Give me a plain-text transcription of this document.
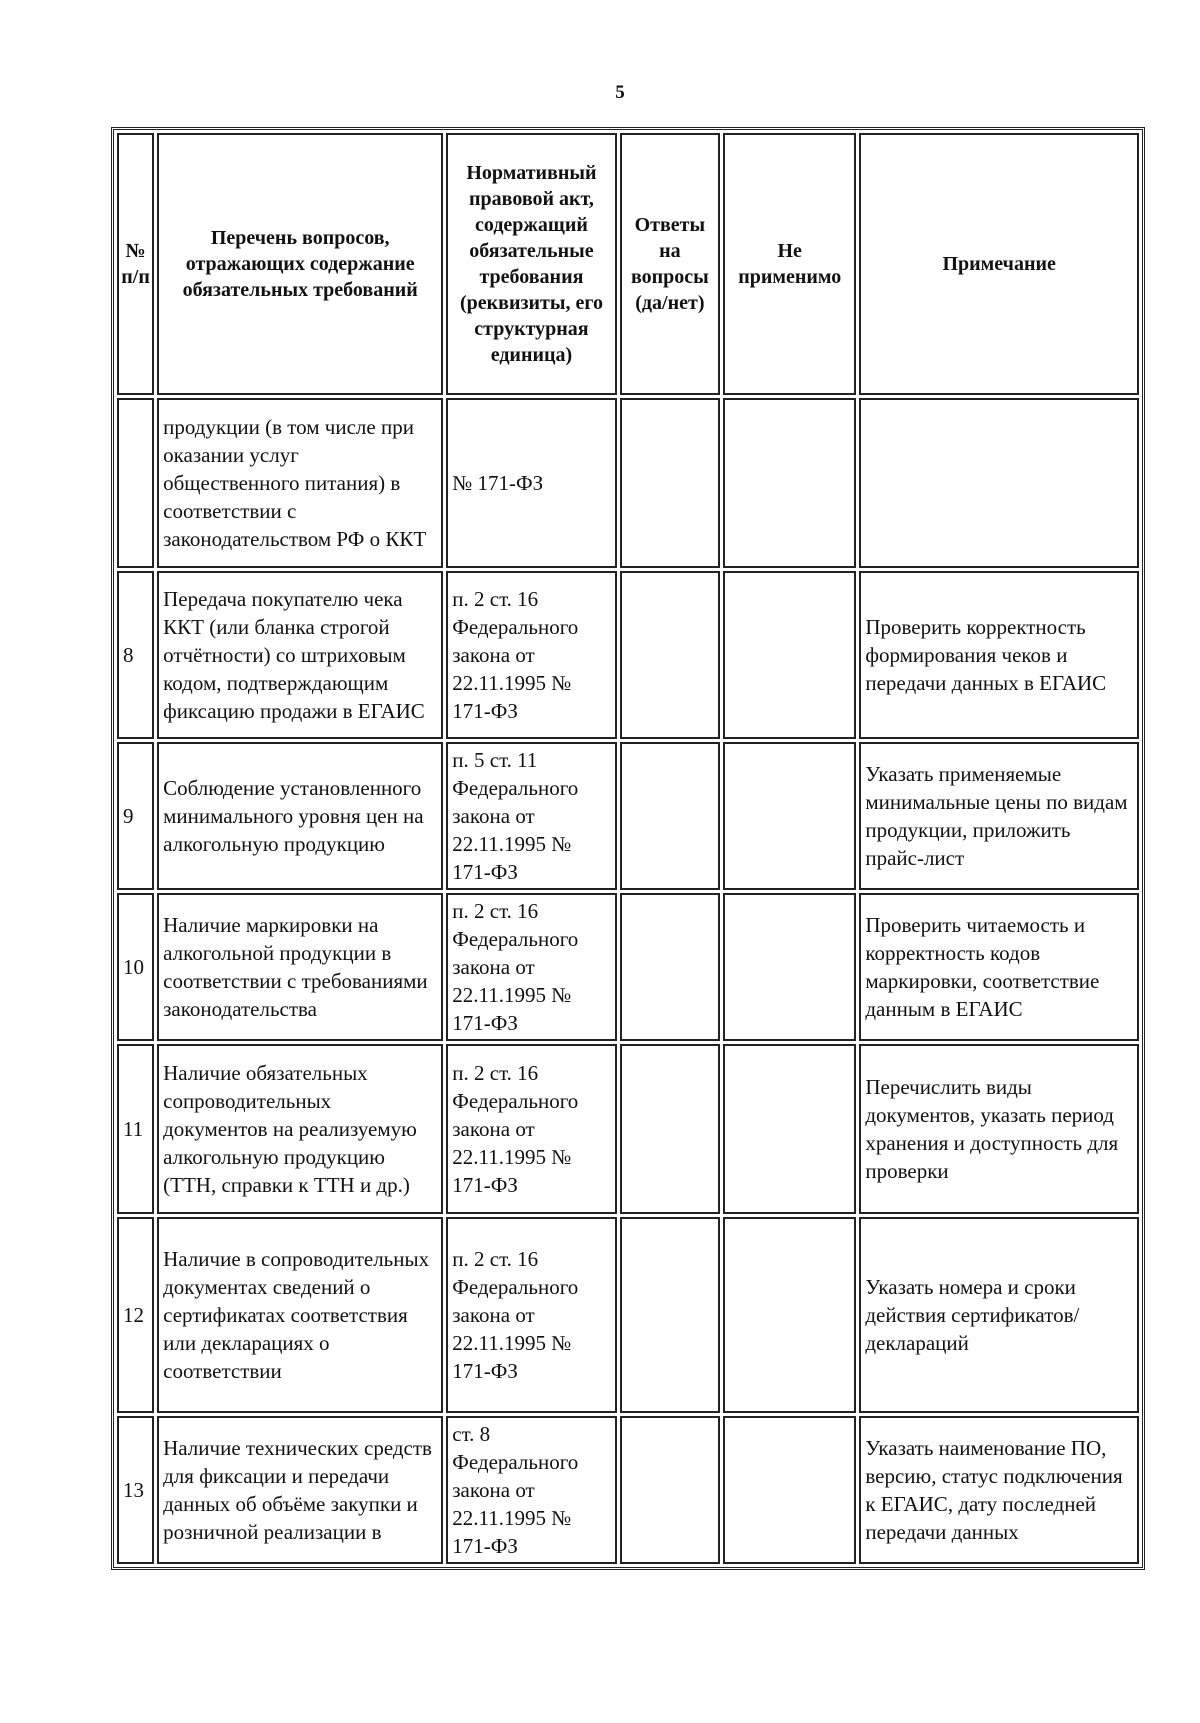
5
№ п/п	Перечень вопросов, отражающих содержание обязательных требований	Нормативный правовой акт, содержащий обязательные требования (реквизиты, его структурная единица)	Ответы на вопросы (да/нет)	Не применимо	Примечание
	продукции (в том числе при оказании услуг общественного питания) в соответствии с законодательством РФ о ККТ	№ 171-ФЗ			
8	Передача покупателю чека ККТ (или бланка строгой отчётности) со штриховым кодом, подтверждающим фиксацию продажи в ЕГАИС	п. 2 ст. 16 Федерального закона от 22.11.1995 № 171-ФЗ			Проверить корректность формирования чеков и передачи данных в ЕГАИС
9	Соблюдение установленного минимального уровня цен на алкогольную продукцию	п. 5 ст. 11 Федерального закона от 22.11.1995 № 171-ФЗ			Указать применяемые минимальные цены по видам продукции, приложить прайс-лист
10	Наличие маркировки на алкогольной продукции в соответствии с требованиями законодательства	п. 2 ст. 16 Федерального закона от 22.11.1995 № 171-ФЗ			Проверить читаемость и корректность кодов маркировки, соответствие данным в ЕГАИС
11	Наличие обязательных сопроводительных документов на реализуемую алкогольную продукцию (ТТН, справки к ТТН и др.)	п. 2 ст. 16 Федерального закона от 22.11.1995 № 171-ФЗ			Перечислить виды документов, указать период хранения и доступность для проверки
12	Наличие в сопроводительных документах сведений о сертификатах соответствия или декларациях о соответствии	п. 2 ст. 16 Федерального закона от 22.11.1995 № 171-ФЗ			Указать номера и сроки действия сертификатов/деклараций
13	Наличие технических средств для фиксации и передачи данных об объёме закупки и розничной реализации в	ст. 8 Федерального закона от 22.11.1995 № 171-ФЗ			Указать наименование ПО, версию, статус подключения к ЕГАИС, дату последней передачи данных
